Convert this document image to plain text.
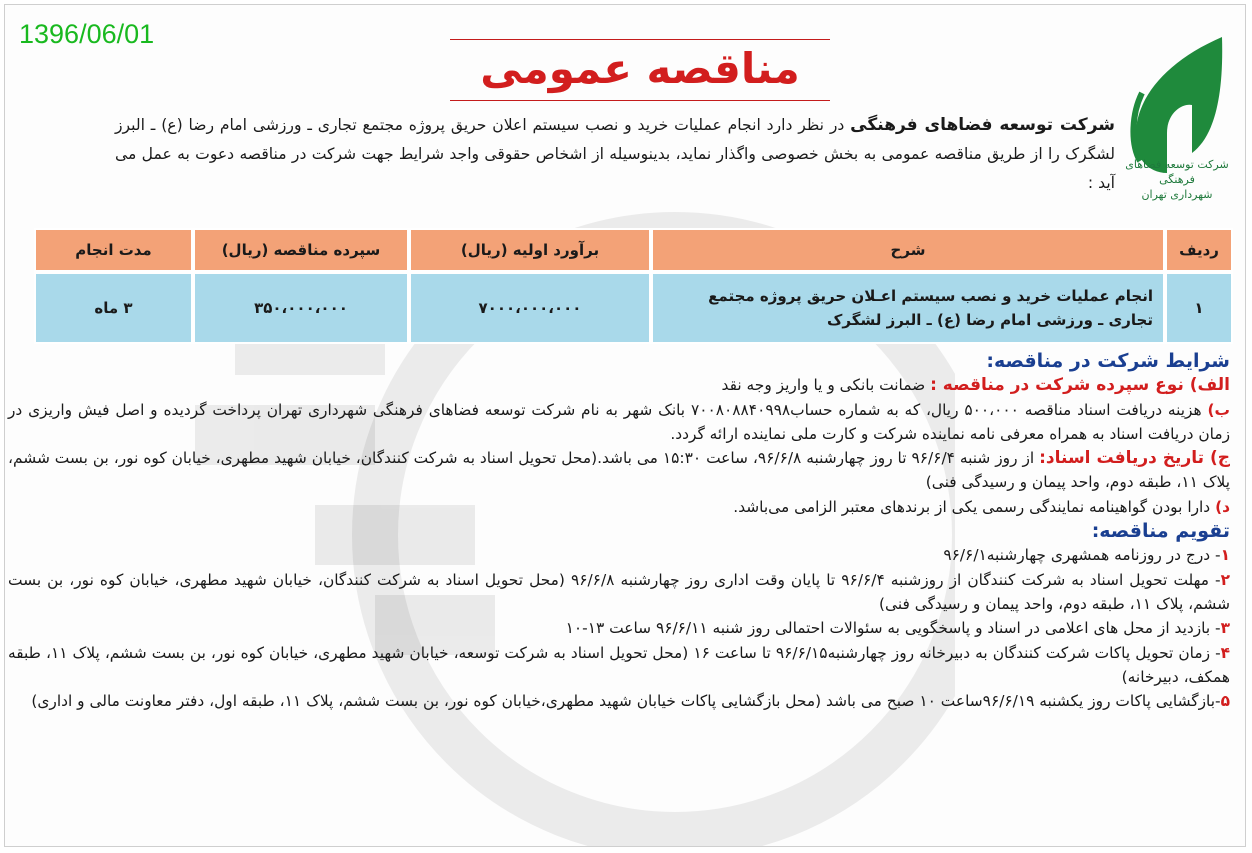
1396/06/01
مناقصه عمومی
شرکت توسعه فضاهای فرهنگی
شهرداری تهران
شرکت توسعه فضاهای فرهنگی در نظر دارد انجام عملیات خرید و نصب سیستم اعلان حریق پروژه مجتمع تجاری ـ ورزشی امام رضا (ع) ـ البرز لشگرک را از طریق مناقصه عمومی به بخش خصوصی واگذار نماید، بدینوسیله از اشخاص حقوقی واجد شرایط جهت شرکت در مناقصه دعوت به عمل می آید :
ردیف	شرح	برآورد اولیه (ریال)	سپرده مناقصه (ریال)	مدت انجام
۱	انجام عملیات خرید و نصب سیستم اعـلان حریق پروژه مجتمع تجاری ـ ورزشی امام رضا (ع) ـ البرز لشگرک	۷۰۰۰،۰۰۰،۰۰۰	۳۵۰،۰۰۰،۰۰۰	۳ ماه

شرایط شرکت در مناقصه:

الف) نوع سپرده شرکت در مناقصه : ضمانت بانکی و یا واریز وجه نقد

ب) هزینه دریافت اسناد مناقصه ۵۰۰،۰۰۰ ریال، که به شماره حساب۷۰۰۸۰۸۸۴۰۹۹۸ بانک شهر به نام شرکت توسعه فضاهای فرهنگی شهرداری تهران پرداخت گردیده و اصل فیش واریزی در زمان دریافت اسناد به همراه معرفی نامه نماینده شرکت و کارت ملی نماینده ارائه گردد.

ج) تاریخ دریافت اسناد: از روز شنبه ۹۶/۶/۴ تا روز چهارشنبه ۹۶/۶/۸، ساعت ۱۵:۳۰ می باشد.(محل تحویل اسناد به شرکت کنندگان، خیابان شهید مطهری، خیابان کوه نور، بن بست ششم، پلاک ۱۱، طبقه دوم، واحد پیمان و رسیدگی فنی)

د) دارا بودن گواهینامه نمایندگی رسمی یکی از برندهای معتبر الزامی می‌باشد.

تقویم مناقصه:

۱- درج در روزنامه همشهری چهارشنبه۹۶/۶/۱

۲- مهلت تحویل اسناد به شرکت کنندگان از روزشنبه ۹۶/۶/۴ تا پایان وقت اداری روز چهارشنبه ۹۶/۶/۸ (محل تحویل اسناد به شرکت کنندگان، خیابان شهید مطهری، خیابان کوه نور، بن بست ششم، پلاک ۱۱، طبقه دوم، واحد پیمان و رسیدگی فنی)

۳- بازدید از محل های اعلامی در اسناد و پاسخگویی به سئوالات احتمالی روز شنبه ۹۶/۶/۱۱ ساعت ۱۳-۱۰

۴- زمان تحویل پاکات شرکت کنندگان به دبیرخانه روز چهارشنبه۹۶/۶/۱۵ تا ساعت ۱۶ (محل تحویل اسناد به شرکت توسعه، خیابان شهید مطهری، خیابان کوه نور، بن بست ششم، پلاک ۱۱، طبقه همکف، دبیرخانه)

۵-بازگشایی پاکات روز یکشنبه ۹۶/۶/۱۹ساعت ۱۰ صبح می باشد (محل بازگشایی پاکات خیابان شهید مطهری،خیابان کوه نور، بن بست ششم، پلاک ۱۱، طبقه اول، دفتر معاونت مالی و اداری)
